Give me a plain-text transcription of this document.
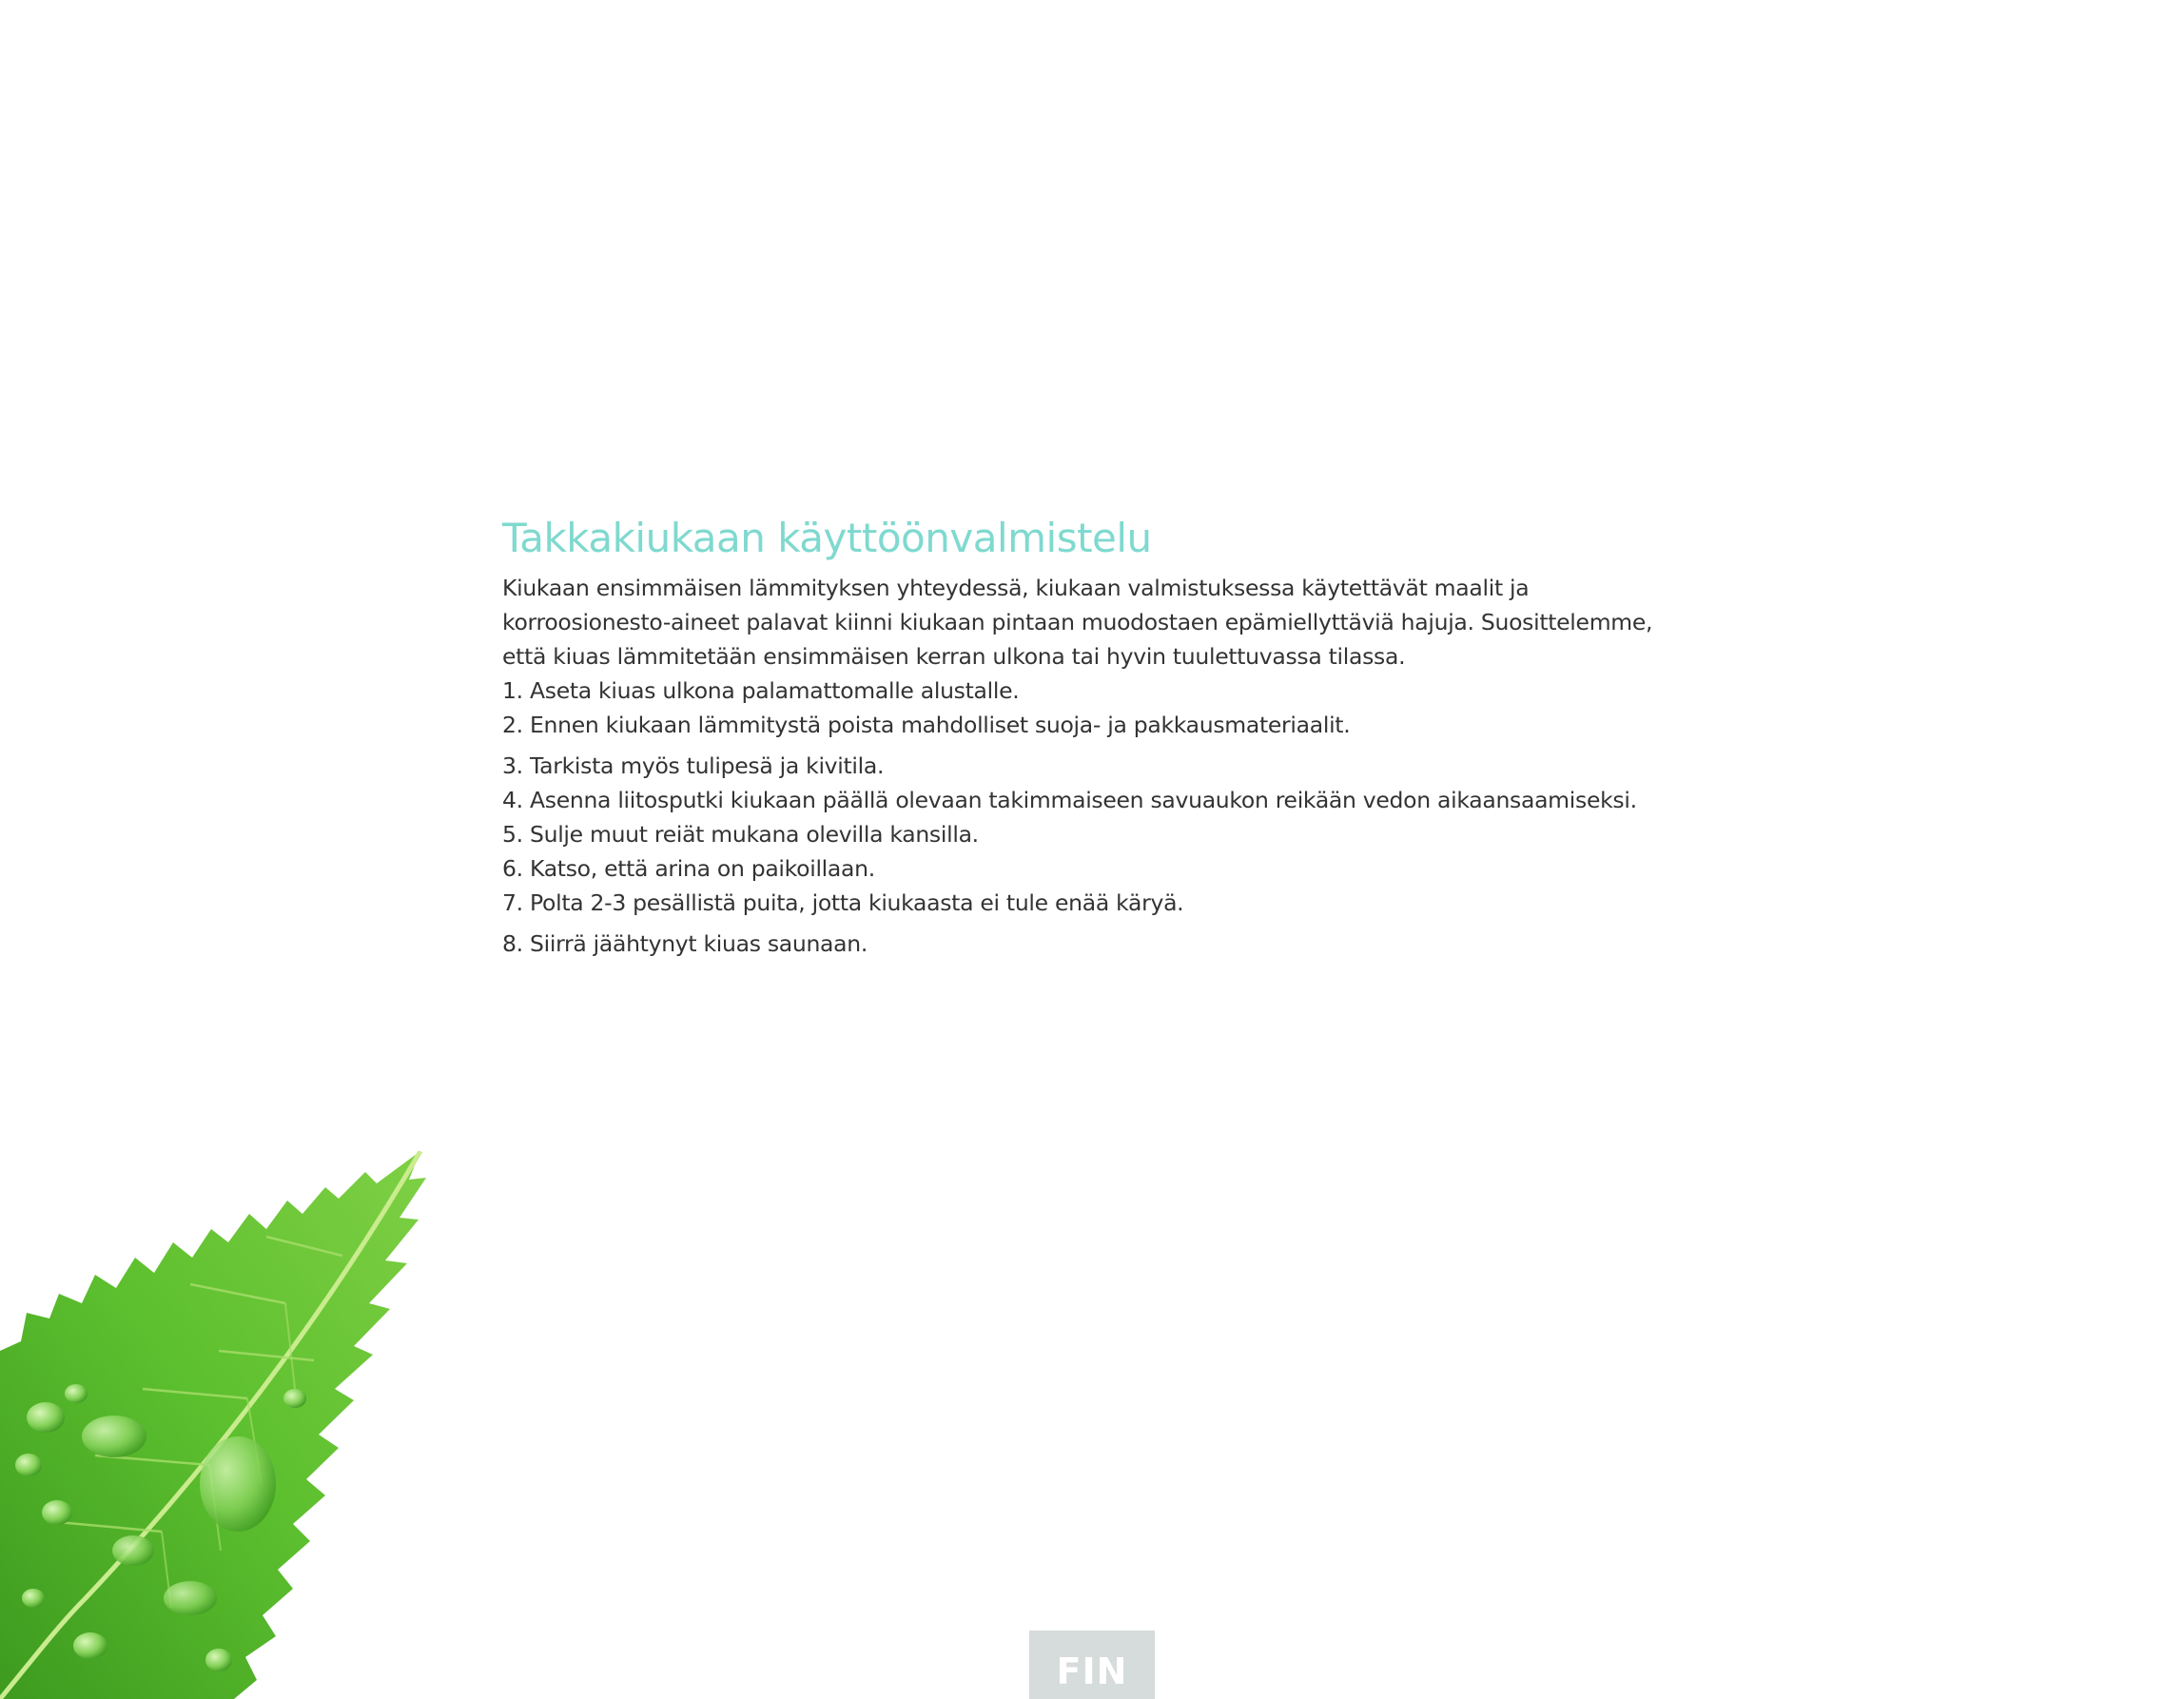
Takkakiukaan käyttöönvalmistelu

Kiukaan ensimmäisen lämmityksen yhteydessä, kiukaan valmistuksessa käytettävät maalit ja korroosionesto-aineet palavat kiinni kiukaan pintaan muodostaen epämiellyttäviä hajuja. Suosittelemme, että kiuas lämmitetään ensimmäisen kerran ulkona tai hyvin tuulettuvassa tilassa.

1. Aseta kiuas ulkona palamattomalle alustalle.
2. Ennen kiukaan lämmitystä poista mahdolliset suoja- ja pakkausmateriaalit.
3. Tarkista myös tulipesä ja kivitila.
4. Asenna liitosputki kiukaan päällä olevaan takimmaiseen savuaukon reikään vedon aikaansaamiseksi.
5. Sulje muut reiät mukana olevilla kansilla.
6. Katso, että arina on paikoillaan.
7. Polta 2-3 pesällistä puita, jotta kiukaasta ei tule enää käryä.
8. Siirrä jäähtynyt kiuas saunaan.
FIN
